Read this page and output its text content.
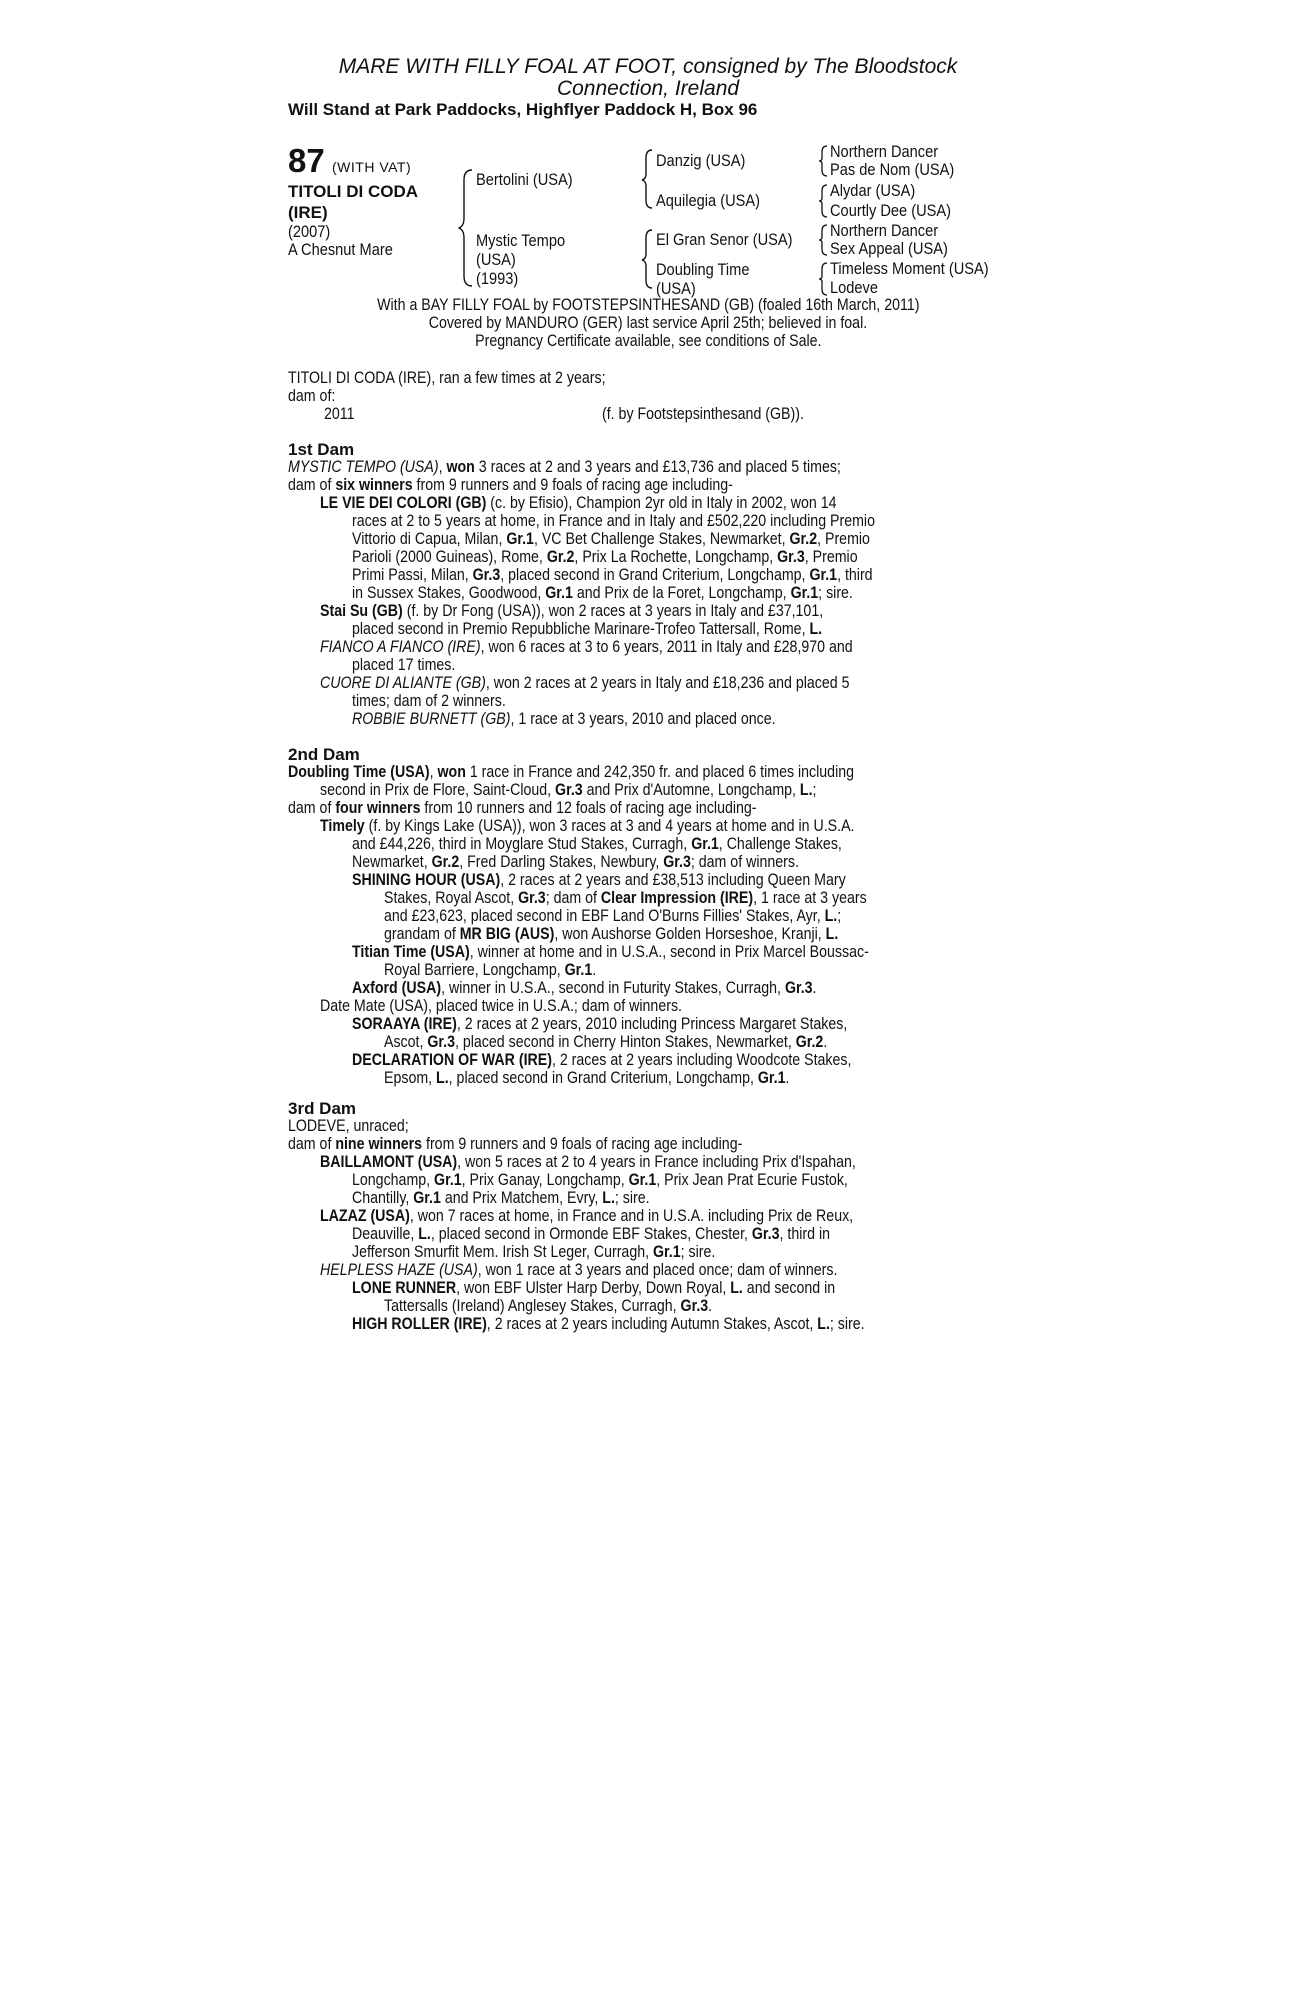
MARE WITH FILLY FOAL AT FOOT, consigned by The Bloodstock
Connection, Ireland
Will Stand at Park Paddocks, Highflyer Paddock H, Box 96
87 (WITH VAT)
TITOLI DI CODA
(IRE)
(2007)
A Chesnut Mare
Bertolini (USA)
Mystic Tempo
(USA)
(1993)
Danzig (USA)
Aquilegia (USA)
El Gran Senor (USA)
Doubling Time
(USA)
Northern Dancer
Pas de Nom (USA)
Alydar (USA)
Courtly Dee (USA)
Northern Dancer
Sex Appeal (USA)
Timeless Moment (USA)
Lodeve
With a BAY FILLY FOAL by FOOTSTEPSINTHESAND (GB) (foaled 16th March, 2011)
Covered by MANDURO (GER) last service April 25th; believed in foal.
Pregnancy Certificate available, see conditions of Sale.
TITOLI DI CODA (IRE), ran a few times at 2 years;
dam of:
2011	(f. by Footstepsinthesand (GB)).
1st Dam
2nd Dam
3rd Dam
MYSTIC TEMPO (USA), won 3 races at 2 and 3 years and £13,736 and placed 5 times;
dam of six winners from 9 runners and 9 foals of racing age including-
LE VIE DEI COLORI (GB) (c. by Efisio), Champion 2yr old in Italy in 2002, won 14
races at 2 to 5 years at home, in France and in Italy and £502,220 including Premio
Vittorio di Capua, Milan, Gr.1, VC Bet Challenge Stakes, Newmarket, Gr.2, Premio
Parioli (2000 Guineas), Rome, Gr.2, Prix La Rochette, Longchamp, Gr.3, Premio
Primi Passi, Milan, Gr.3, placed second in Grand Criterium, Longchamp, Gr.1, third
in Sussex Stakes, Goodwood, Gr.1 and Prix de la Foret, Longchamp, Gr.1; sire.
Stai Su (GB) (f. by Dr Fong (USA)), won 2 races at 3 years in Italy and £37,101,
placed second in Premio Repubbliche Marinare-Trofeo Tattersall, Rome, L.
FIANCO A FIANCO (IRE), won 6 races at 3 to 6 years, 2011 in Italy and £28,970 and
placed 17 times.
CUORE DI ALIANTE (GB), won 2 races at 2 years in Italy and £18,236 and placed 5
times; dam of 2 winners.
ROBBIE BURNETT (GB), 1 race at 3 years, 2010 and placed once.
Doubling Time (USA), won 1 race in France and 242,350 fr. and placed 6 times including
second in Prix de Flore, Saint-Cloud, Gr.3 and Prix d'Automne, Longchamp, L.;
dam of four winners from 10 runners and 12 foals of racing age including-
Timely (f. by Kings Lake (USA)), won 3 races at 3 and 4 years at home and in U.S.A.
and £44,226, third in Moyglare Stud Stakes, Curragh, Gr.1, Challenge Stakes,
Newmarket, Gr.2, Fred Darling Stakes, Newbury, Gr.3; dam of winners.
SHINING HOUR (USA), 2 races at 2 years and £38,513 including Queen Mary
Stakes, Royal Ascot, Gr.3; dam of Clear Impression (IRE), 1 race at 3 years
and £23,623, placed second in EBF Land O'Burns Fillies' Stakes, Ayr, L.;
grandam of MR BIG (AUS), won Aushorse Golden Horseshoe, Kranji, L.
Titian Time (USA), winner at home and in U.S.A., second in Prix Marcel Boussac-
Royal Barriere, Longchamp, Gr.1.
Axford (USA), winner in U.S.A., second in Futurity Stakes, Curragh, Gr.3.
Date Mate (USA), placed twice in U.S.A.; dam of winners.
SORAAYA (IRE), 2 races at 2 years, 2010 including Princess Margaret Stakes,
Ascot, Gr.3, placed second in Cherry Hinton Stakes, Newmarket, Gr.2.
DECLARATION OF WAR (IRE), 2 races at 2 years including Woodcote Stakes,
Epsom, L., placed second in Grand Criterium, Longchamp, Gr.1.
LODEVE, unraced;
dam of nine winners from 9 runners and 9 foals of racing age including-
BAILLAMONT (USA), won 5 races at 2 to 4 years in France including Prix d'Ispahan,
Longchamp, Gr.1, Prix Ganay, Longchamp, Gr.1, Prix Jean Prat Ecurie Fustok,
Chantilly, Gr.1 and Prix Matchem, Evry, L.; sire.
LAZAZ (USA), won 7 races at home, in France and in U.S.A. including Prix de Reux,
Deauville, L., placed second in Ormonde EBF Stakes, Chester, Gr.3, third in
Jefferson Smurfit Mem. Irish St Leger, Curragh, Gr.1; sire.
HELPLESS HAZE (USA), won 1 race at 3 years and placed once; dam of winners.
LONE RUNNER, won EBF Ulster Harp Derby, Down Royal, L. and second in
Tattersalls (Ireland) Anglesey Stakes, Curragh, Gr.3.
HIGH ROLLER (IRE), 2 races at 2 years including Autumn Stakes, Ascot, L.; sire.
